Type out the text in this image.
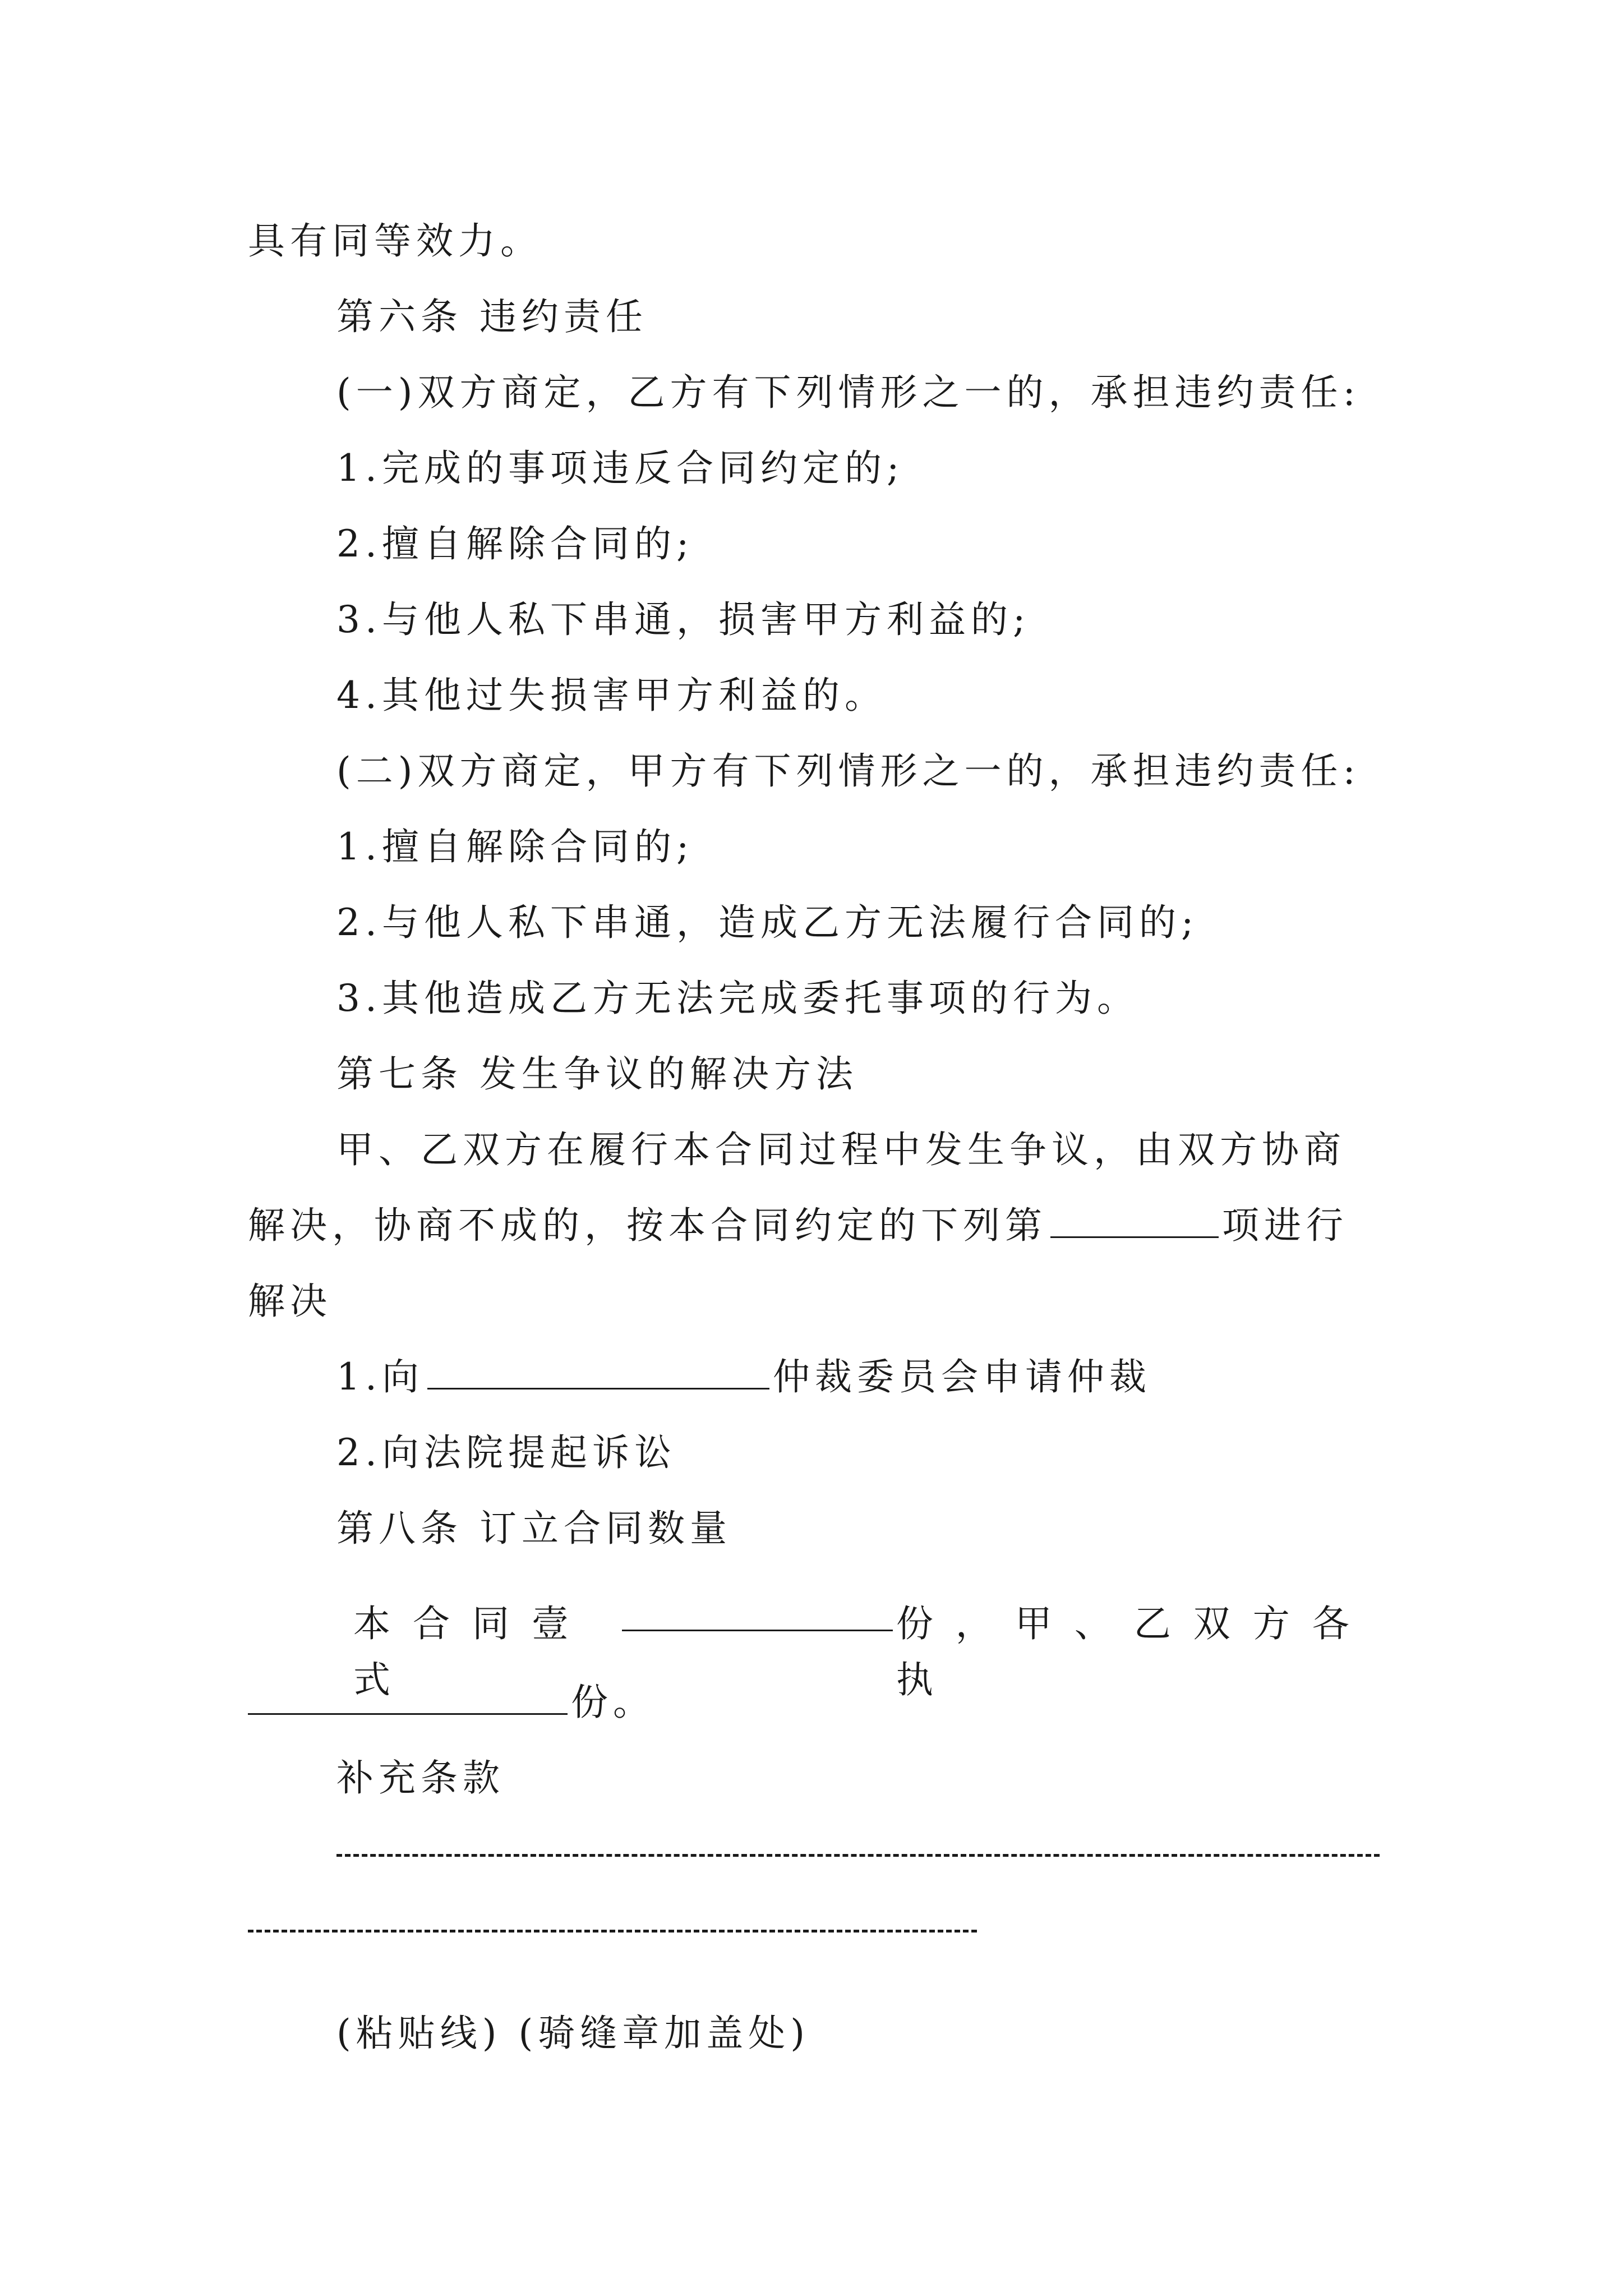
具有同等效力。
第六条 违约责任
(一)双方商定，乙方有下列情形之一的，承担违约责任:
1.完成的事项违反合同约定的;
2.擅自解除合同的;
3.与他人私下串通，损害甲方利益的;
4.其他过失损害甲方利益的。
(二)双方商定，甲方有下列情形之一的，承担违约责任:
1.擅自解除合同的;
2.与他人私下串通，造成乙方无法履行合同的;
3.其他造成乙方无法完成委托事项的行为。
第七条 发生争议的解决方法
甲、乙双方在履行本合同过程中发生争议，由双方协商
解决，协商不成的，按本合同约定的下列第	项进行
解决
1.向	仲裁委员会申请仲裁
2.向法院提起诉讼
第八条 订立合同数量
本合同壹式
份，甲、乙双方各执
份。
补充条款
(粘贴线) (骑缝章加盖处)
